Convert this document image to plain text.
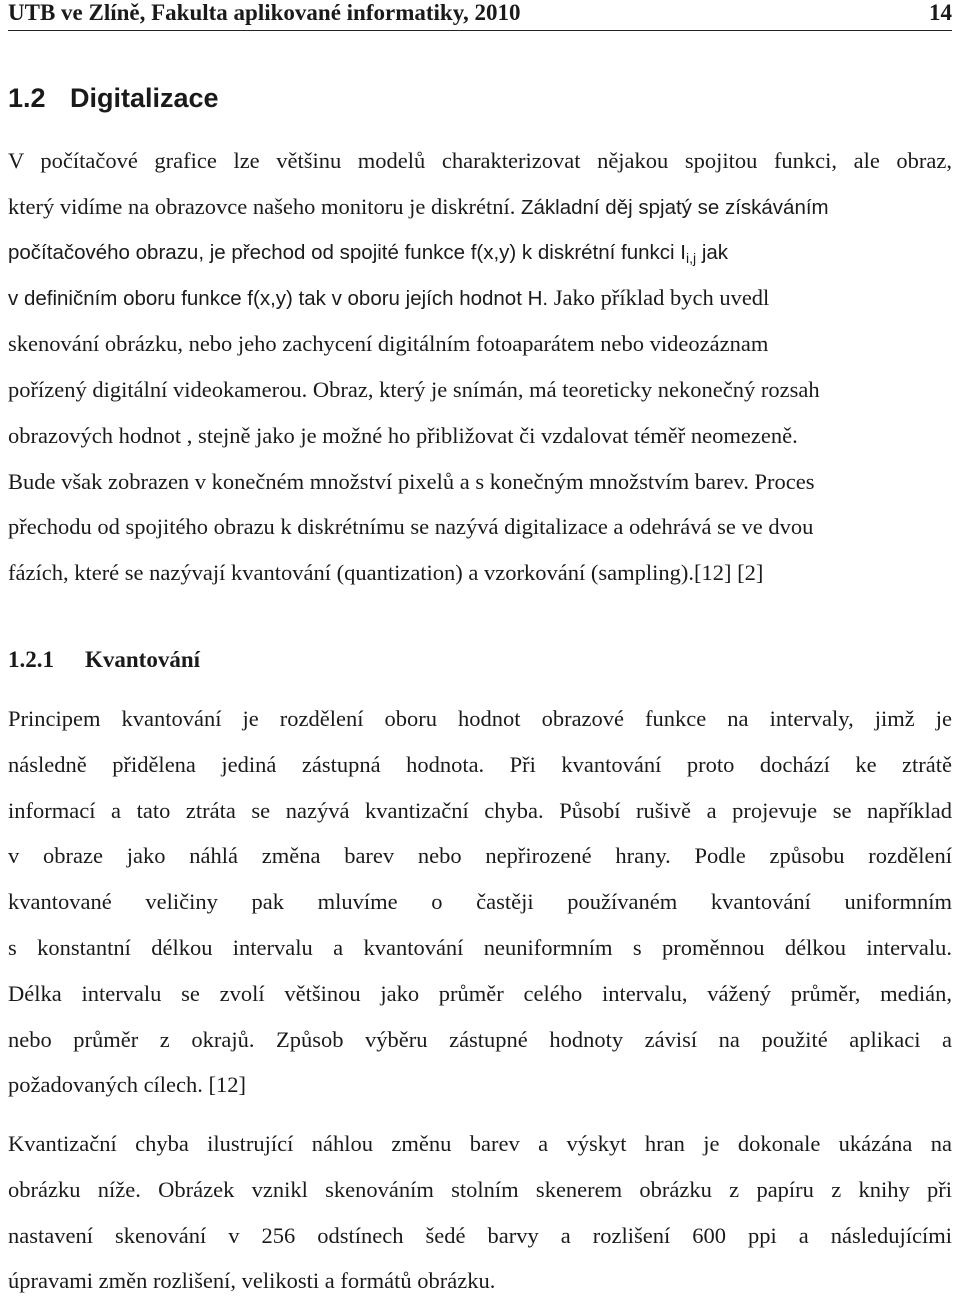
UTB ve Zlíně, Fakulta aplikované informatiky, 2010	14
1.2 Digitalizace
V počítačové grafice lze většinu modelů charakterizovat nějakou spojitou funkci, ale obraz,
který vidíme na obrazovce našeho monitoru je diskrétní. Základní děj spjatý se získáváním
počítačového obrazu, je přechod od spojité funkce f(x,y) k diskrétní funkci $I_{i,j}$ jak
v definičním oboru funkce f(x,y) tak v oboru jejích hodnot H. Jako příklad bych uvedl
skenování obrázku, nebo jeho zachycení digitálním fotoaparátem nebo videozáznam
pořízený digitální videokamerou. Obraz, který je snímán, má teoreticky nekonečný rozsah
obrazových hodnot , stejně jako je možné ho přibližovat či vzdalovat téměř neomezeně.
Bude však zobrazen v konečném množství pixelů a s konečným množstvím barev. Proces
přechodu od spojitého obrazu k diskrétnímu se nazývá digitalizace a odehrává se ve dvou
fázích, které se nazývají kvantování (quantization) a vzorkování (sampling).[12] [2]
1.2.1 Kvantování
Principem kvantování je rozdělení oboru hodnot obrazové funkce na intervaly, jimž je
následně přidělena jediná zástupná hodnota. Při kvantování proto dochází ke ztrátě
informací a tato ztráta se nazývá kvantizační chyba. Působí rušivě a projevuje se například
v obraze jako náhlá změna barev nebo nepřirozené hrany. Podle způsobu rozdělení
kvantované veličiny pak mluvíme o častěji používaném kvantování uniformním
s konstantní délkou intervalu a kvantování neuniformním s proměnnou délkou intervalu.
Délka intervalu se zvolí většinou jako průměr celého intervalu, vážený průměr, medián,
nebo průměr z okrajů. Způsob výběru zástupné hodnoty závisí na použité aplikaci a
požadovaných cílech. [12]
Kvantizační chyba ilustrující náhlou změnu barev a výskyt hran je dokonale ukázána na
obrázku níže. Obrázek vznikl skenováním stolním skenerem obrázku z papíru z knihy při
nastavení skenování v 256 odstínech šedé barvy a rozlišení 600 ppi a následujícími
úpravami změn rozlišení, velikosti a formátů obrázku.
